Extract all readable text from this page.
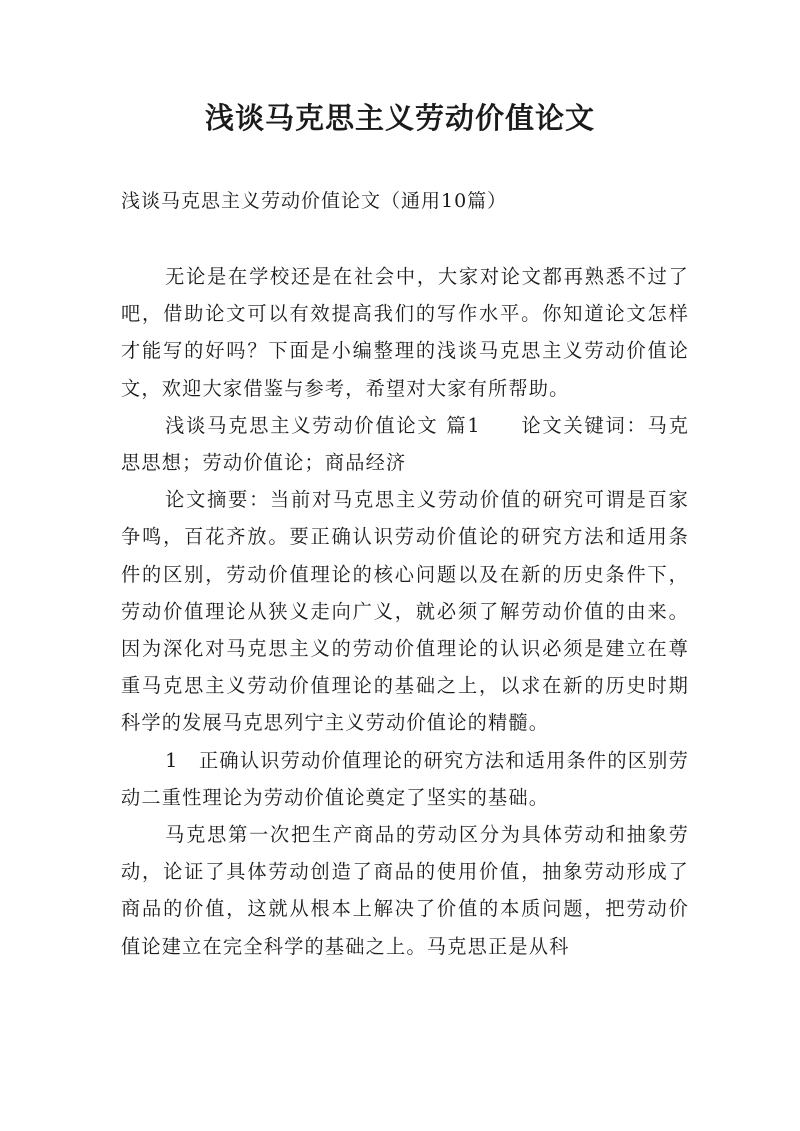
浅谈马克思主义劳动价值论文
浅谈马克思主义劳动价值论文（通用10篇）

无论是在学校还是在社会中，大家对论文都再熟悉不过了吧，借助论文可以有效提高我们的写作水平。你知道论文怎样才能写的好吗？下面是小编整理的浅谈马克思主义劳动价值论文，欢迎大家借鉴与参考，希望对大家有所帮助。

浅谈马克思主义劳动价值论文 篇1 论文关键词：马克思思想；劳动价值论；商品经济

论文摘要：当前对马克思主义劳动价值的研究可谓是百家争鸣，百花齐放。要正确认识劳动价值论的研究方法和适用条件的区别，劳动价值理论的核心问题以及在新的历史条件下，劳动价值理论从狭义走向广义，就必须了解劳动价值的由来。因为深化对马克思主义的劳动价值理论的认识必须是建立在尊重马克思主义劳动价值理论的基础之上，以求在新的历史时期科学的发展马克思列宁主义劳动价值论的精髓。

1　正确认识劳动价值理论的研究方法和适用条件的区别劳动二重性理论为劳动价值论奠定了坚实的基础。

马克思第一次把生产商品的劳动区分为具体劳动和抽象劳动，论证了具体劳动创造了商品的使用价值，抽象劳动形成了商品的价值，这就从根本上解决了价值的本质问题，把劳动价值论建立在完全科学的基础之上。马克思正是从科
